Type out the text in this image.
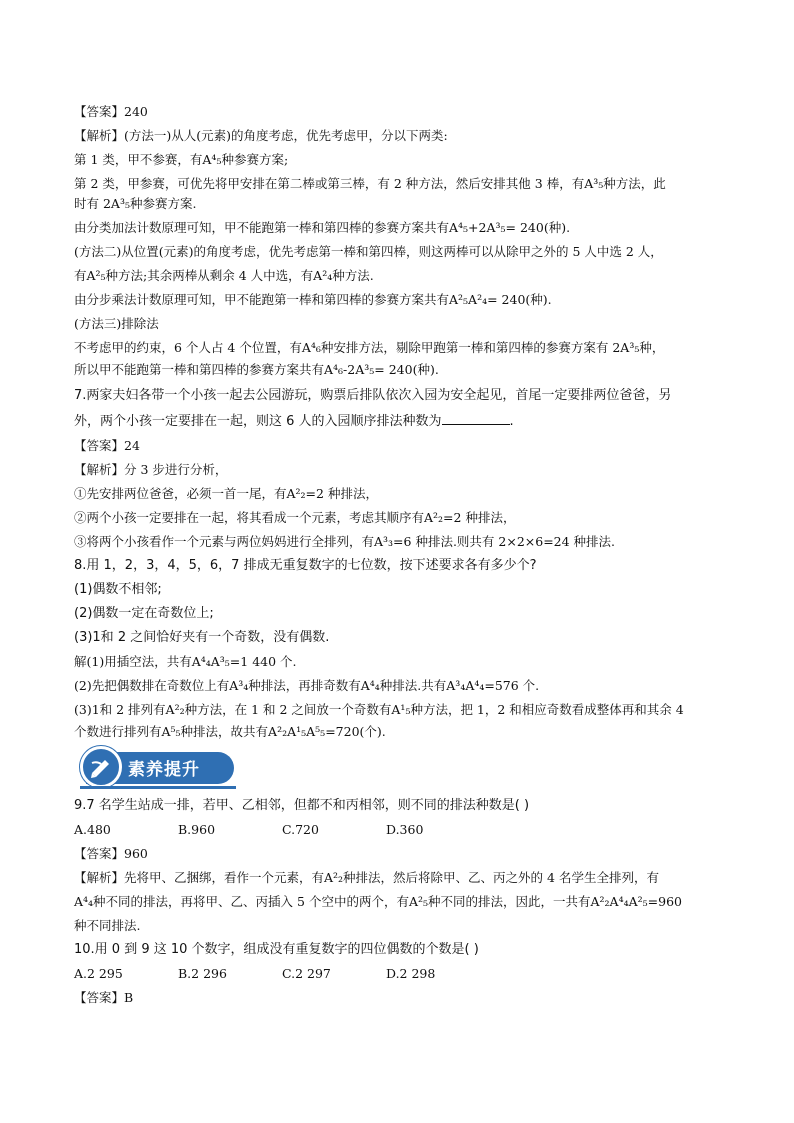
【答案】240
【解析】(方法一)从人(元素)的角度考虑，优先考虑甲，分以下两类:
第 1 类，甲不参赛，有A⁴₅种参赛方案;
第 2 类，甲参赛，可优先将甲安排在第二棒或第三棒，有 2 种方法，然后安排其他 3 棒，有A³₅种方法，此
时有 2A³₅种参赛方案.
由分类加法计数原理可知，甲不能跑第一棒和第四棒的参赛方案共有A⁴₅+2A³₅= 240(种).
(方法二)从位置(元素)的角度考虑，优先考虑第一棒和第四棒，则这两棒可以从除甲之外的 5 人中选 2 人，
有A²₅种方法;其余两棒从剩余 4 人中选，有A²₄种方法.
由分步乘法计数原理可知，甲不能跑第一棒和第四棒的参赛方案共有A²₅A²₄= 240(种).
(方法三)排除法
不考虑甲的约束，6 个人占 4 个位置，有A⁴₆种安排方法，剔除甲跑第一棒和第四棒的参赛方案有 2A³₅种，
所以甲不能跑第一棒和第四棒的参赛方案共有A⁴₆-2A³₅= 240(种).
7.两家夫妇各带一个小孩一起去公园游玩，购票后排队依次入园为安全起见，首尾一定要排两位爸爸，另
外，两个小孩一定要排在一起，则这 6 人的入园顺序排法种数为	.
【答案】24
【解析】分 3 步进行分析，
①先安排两位爸爸，必须一首一尾，有A²₂=2 种排法，
②两个小孩一定要排在一起，将其看成一个元素，考虑其顺序有A²₂=2 种排法，
③将两个小孩看作一个元素与两位妈妈进行全排列，有A³₃=6 种排法.则共有 2×2×6=24 种排法.
8.用 1，2，3，4，5，6，7 排成无重复数字的七位数，按下述要求各有多少个?
(1)偶数不相邻;
(2)偶数一定在奇数位上;
(3)1和 2 之间恰好夹有一个奇数，没有偶数.
解(1)用插空法，共有A⁴₄A³₅=1 440 个.
(2)先把偶数排在奇数位上有A³₄种排法，再排奇数有A⁴₄种排法.共有A³₄A⁴₄=576 个.
(3)1和 2 排列有A²₂种方法，在 1 和 2 之间放一个奇数有A¹₅种方法，把 1，2 和相应奇数看成整体再和其余 4
个数进行排列有A⁵₅种排法，故共有A²₂A¹₅A⁵₅=720(个).
素养提升
9.7 名学生站成一排，若甲、乙相邻，但都不和丙相邻，则不同的排法种数是( )
A.480	B.960	C.720	D.360
【答案】960
【解析】先将甲、乙捆绑，看作一个元素，有A²₂种排法，然后将除甲、乙、丙之外的 4 名学生全排列，有
A⁴₄种不同的排法，再将甲、乙、丙插入 5 个空中的两个，有A²₅种不同的排法，因此，一共有A²₂A⁴₄A²₅=960
种不同排法.
10.用 0 到 9 这 10 个数字，组成没有重复数字的四位偶数的个数是( )
A.2 295	B.2 296	C.2 297	D.2 298
【答案】B
